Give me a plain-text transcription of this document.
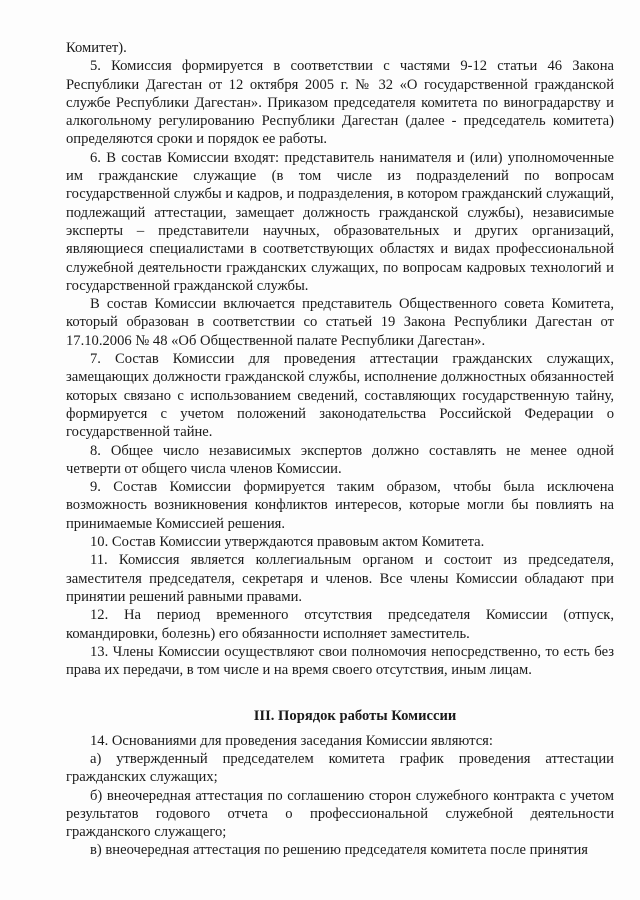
Комитет).

5. Комиссия формируется в соответствии с частями 9-12 статьи 46 Закона Республики Дагестан от 12 октября 2005 г. № 32 «О государственной гражданской службе Республики Дагестан». Приказом председателя комитета по виноградарству и алкогольному регулированию Республики Дагестан (далее - председатель комитета) определяются сроки и порядок ее работы.

6. В состав Комиссии входят: представитель нанимателя и (или) уполномоченные им гражданские служащие (в том числе из подразделений по вопросам государственной службы и кадров, и подразделения, в котором гражданский служащий, подлежащий аттестации, замещает должность гражданской службы), независимые эксперты – представители научных, образовательных и других организаций, являющиеся специалистами в соответствующих областях и видах профессиональной служебной деятельности гражданских служащих, по вопросам кадровых технологий и государственной гражданской службы.

В состав Комиссии включается представитель Общественного совета Комитета, который образован в соответствии со статьей 19 Закона Республики Дагестан от 17.10.2006 № 48 «Об Общественной палате Республики Дагестан».

7. Состав Комиссии для проведения аттестации гражданских служащих, замещающих должности гражданской службы, исполнение должностных обязанностей которых связано с использованием сведений, составляющих государственную тайну, формируется с учетом положений законодательства Российской Федерации о государственной тайне.

8. Общее число независимых экспертов должно составлять не менее одной четверти от общего числа членов Комиссии.

9. Состав Комиссии формируется таким образом, чтобы была исключена возможность возникновения конфликтов интересов, которые могли бы повлиять на принимаемые Комиссией решения.

10. Состав Комиссии утверждаются правовым актом Комитета.

11. Комиссия является коллегиальным органом и состоит из председателя, заместителя председателя, секретаря и членов. Все члены Комиссии обладают при принятии решений равными правами.

12. На период временного отсутствия председателя Комиссии (отпуск, командировки, болезнь) его обязанности исполняет заместитель.

13. Члены Комиссии осуществляют свои полномочия непосредственно, то есть без права их передачи, в том числе и на время своего отсутствия, иным лицам.

III. Порядок работы Комиссии

14. Основаниями для проведения заседания Комиссии являются:

а) утвержденный председателем комитета график проведения аттестации гражданских служащих;

б) внеочередная аттестация по соглашению сторон служебного контракта с учетом результатов годового отчета о профессиональной служебной деятельности гражданского служащего;

в) внеочередная аттестация по решению председателя комитета после принятия
